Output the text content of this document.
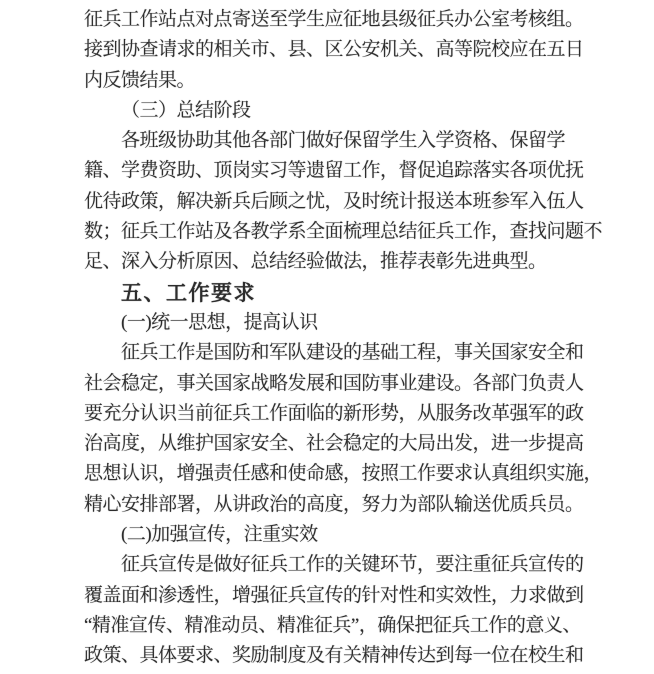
征兵工作站点对点寄送至学生应征地县级征兵办公室考核组。
接到协查请求的相关市、县、区公安机关、高等院校应在五日
内反馈结果。
（三）总结阶段
各班级协助其他各部门做好保留学生入学资格、保留学
籍、学费资助、顶岗实习等遗留工作，督促追踪落实各项优抚
优待政策，解决新兵后顾之忧，及时统计报送本班参军入伍人
数；征兵工作站及各教学系全面梳理总结征兵工作，查找问题不
足、深入分析原因、总结经验做法，推荐表彰先进典型。
五、工作要求
(一)统一思想，提高认识
征兵工作是国防和军队建设的基础工程，事关国家安全和
社会稳定，事关国家战略发展和国防事业建设。各部门负责人
要充分认识当前征兵工作面临的新形势，从服务改革强军的政
治高度，从维护国家安全、社会稳定的大局出发，进一步提高
思想认识，增强责任感和使命感，按照工作要求认真组织实施，
精心安排部署，从讲政治的高度，努力为部队输送优质兵员。
(二)加强宣传，注重实效
征兵宣传是做好征兵工作的关键环节，要注重征兵宣传的
覆盖面和渗透性，增强征兵宣传的针对性和实效性，力求做到
“精准宣传、精准动员、精准征兵”，确保把征兵工作的意义、
政策、具体要求、奖励制度及有关精神传达到每一位在校生和
